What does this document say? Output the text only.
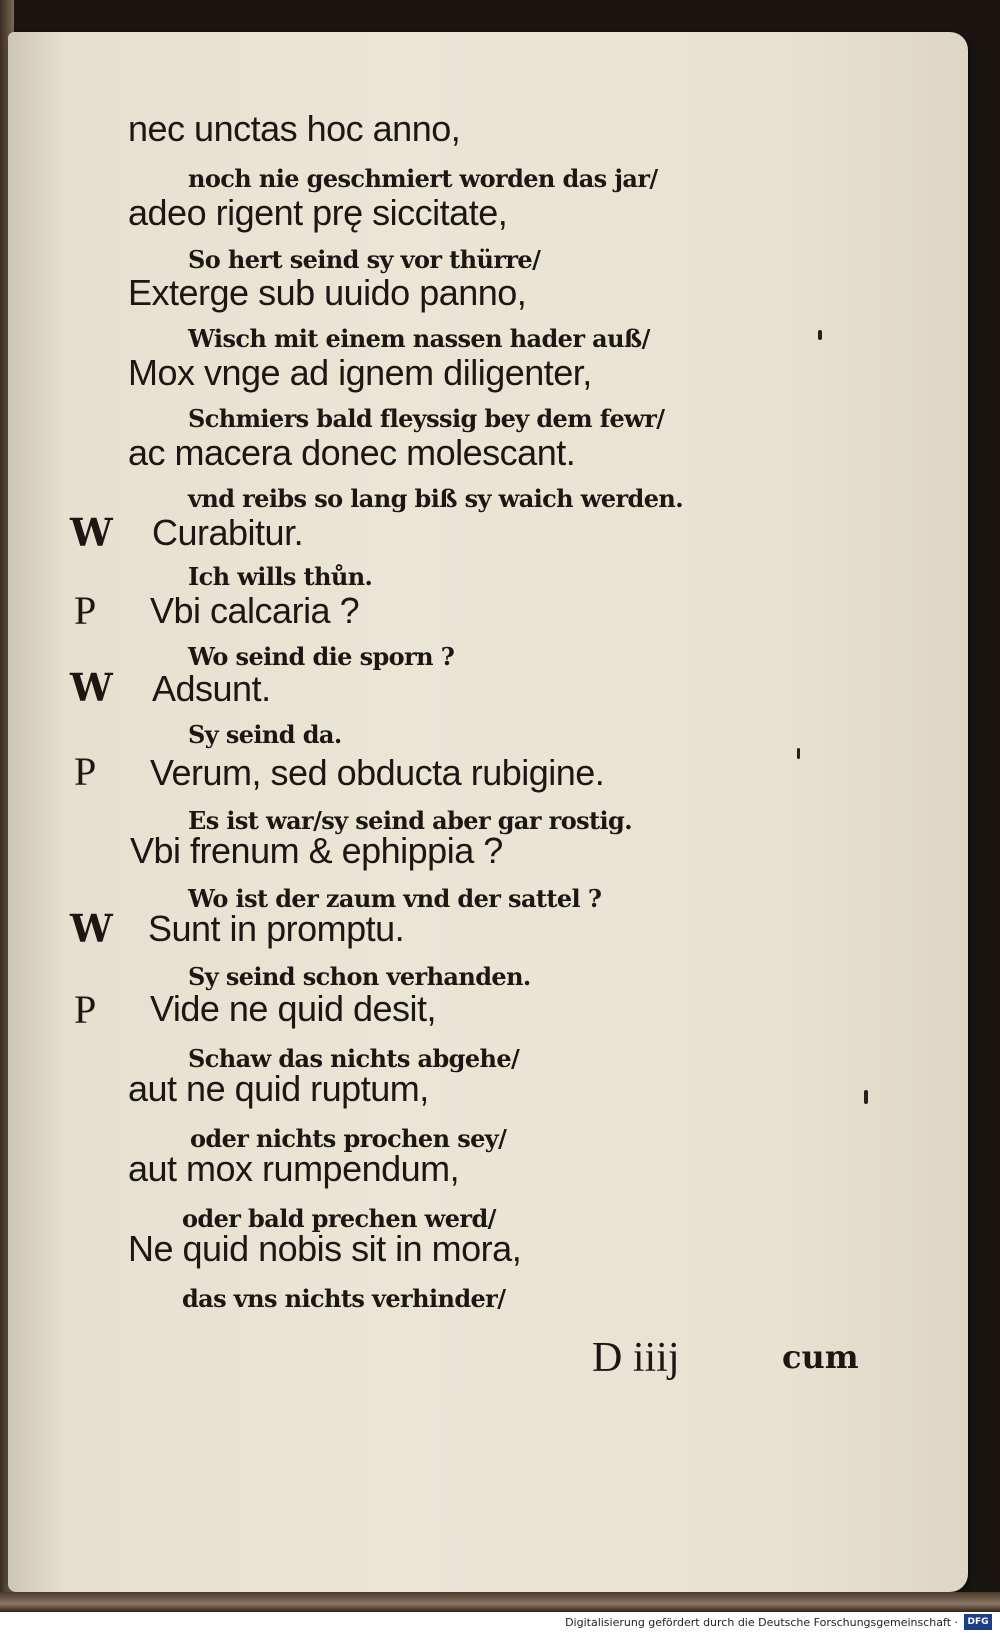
nec unctas hoc anno,
noch nie geschmiert worden das jar/
adeo rigent prę siccitate,
So hert seind sy vor thürre/
Exterge sub uuido panno,
Wisch mit einem nassen hader auß/
Mox vnge ad ignem diligenter,
Schmiers bald fleyssig bey dem fewr/
ac macera donec molescant.
vnd reibs so lang biß sy waich werden.
W Curabitur.
Ich wills thůn.
P Vbi calcaria ?
Wo seind die sporn ?
W Adsunt.
Sy seind da.
P Verum, sed obducta rubigine.
Es ist war/sy seind aber gar rostig.
Vbi frenum & ephippia ?
Wo ist der zaum vnd der sattel ?
W Sunt in promptu.
Sy seind schon verhanden.
P Vide ne quid desit,
Schaw das nichts abgehe/
aut ne quid ruptum,
oder nichts prochen sey/
aut mox rumpendum,
oder bald prechen werd/
Ne quid nobis sit in mora,
das vns nichts verhinder/
D iiij	cum
Digitalisierung gefördert durch die Deutsche Forschungsgemeinschaft ·	DFG
